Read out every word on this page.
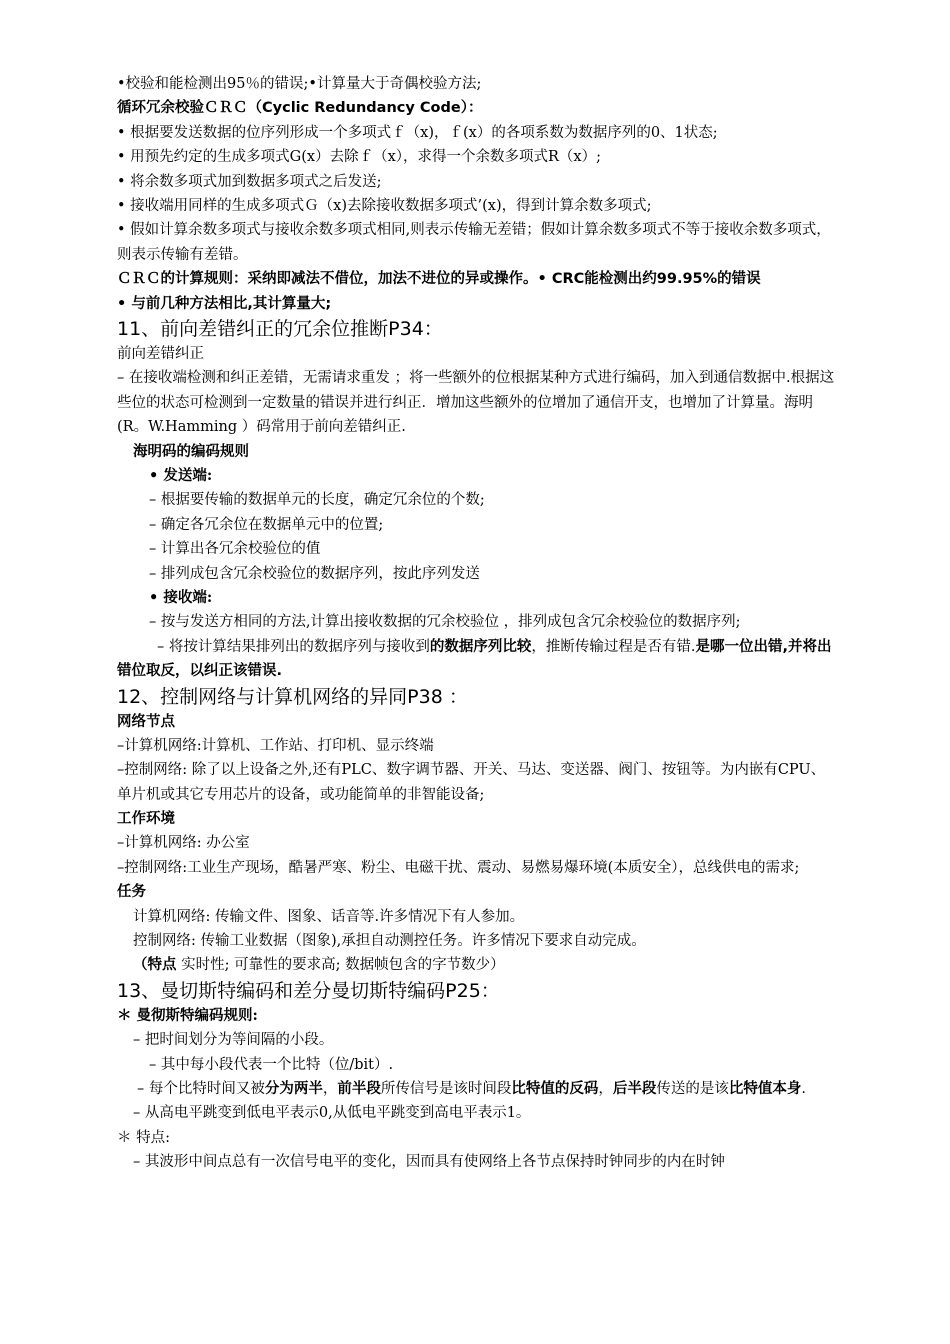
•校验和能检测出95％的错误;•计算量大于奇偶校验方法;
循环冗余校验ＣＲＣ（Cyclic Redundancy Code）：
• 根据要发送数据的位序列形成一个多项式ｆ（x)，ｆ(x）的各项系数为数据序列的0、1状态;
• 用预先约定的生成多项式G(x）去除ｆ（x），求得一个余数多项式R（x）;
• 将余数多项式加到数据多项式之后发送;
• 接收端用同样的生成多项式Ｇ（x)去除接收数据多项式’(x)，得到计算余数多项式;
• 假如计算余数多项式与接收余数多项式相同,则表示传输无差错；假如计算余数多项式不等于接收余数多项式，则表示传输有差错。
ＣＲＣ的计算规则：采纳即减法不借位，加法不进位的异或操作。• CRC能检测出约99.95%的错误
• 与前几种方法相比,其计算量大;
11、前向差错纠正的冗余位推断P34：
前向差错纠正
– 在接收端检测和纠正差错，无需请求重发 ；将一些额外的位根据某种方式进行编码，加入到通信数据中.根据这些位的状态可检测到一定数量的错误并进行纠正．增加这些额外的位增加了通信开支，也增加了计算量。海明(R。W.Hamming ）码常用于前向差错纠正.
海明码的编码规则
• 发送端:
– 根据要传输的数据单元的长度，确定冗余位的个数;
– 确定各冗余位在数据单元中的位置;
– 计算出各冗余校验位的值
– 排列成包含冗余校验位的数据序列，按此序列发送
• 接收端:
– 按与发送方相同的方法,计算出接收数据的冗余校验位 ，排列成包含冗余校验位的数据序列;
– 将按计算结果排列出的数据序列与接收到的数据序列比较，推断传输过程是否有错.是哪一位出错,并将出错位取反，以纠正该错误.
12、控制网络与计算机网络的异同P38 ：
网络节点
–计算机网络:计算机、工作站、打印机、显示终端
–控制网络: 除了以上设备之外,还有PLC、数字调节器、开关、马达、变送器、阀门、按钮等。为内嵌有CPU、单片机或其它专用芯片的设备，或功能简单的非智能设备;
工作环境
–计算机网络: 办公室
–控制网络:工业生产现场，酷暑严寒、粉尘、电磁干扰、震动、易燃易爆环境(本质安全），总线供电的需求;
任务
计算机网络: 传输文件、图象、话音等.许多情况下有人参加。
控制网络: 传输工业数据（图象),承担自动测控任务。许多情况下要求自动完成。
（特点 实时性; 可靠性的要求高; 数据帧包含的字节数少）
13、曼切斯特编码和差分曼切斯特编码P25：
＊ 曼彻斯特编码规则:
– 把时间划分为等间隔的小段。
– 其中每小段代表一个比特（位/bit）.
– 每个比特时间又被分为两半，前半段所传信号是该时间段比特值的反码，后半段传送的是该比特值本身.
– 从高电平跳变到低电平表示0,从低电平跳变到高电平表示1。
＊ 特点:
– 其波形中间点总有一次信号电平的变化，因而具有使网络上各节点保持时钟同步的内在时钟
